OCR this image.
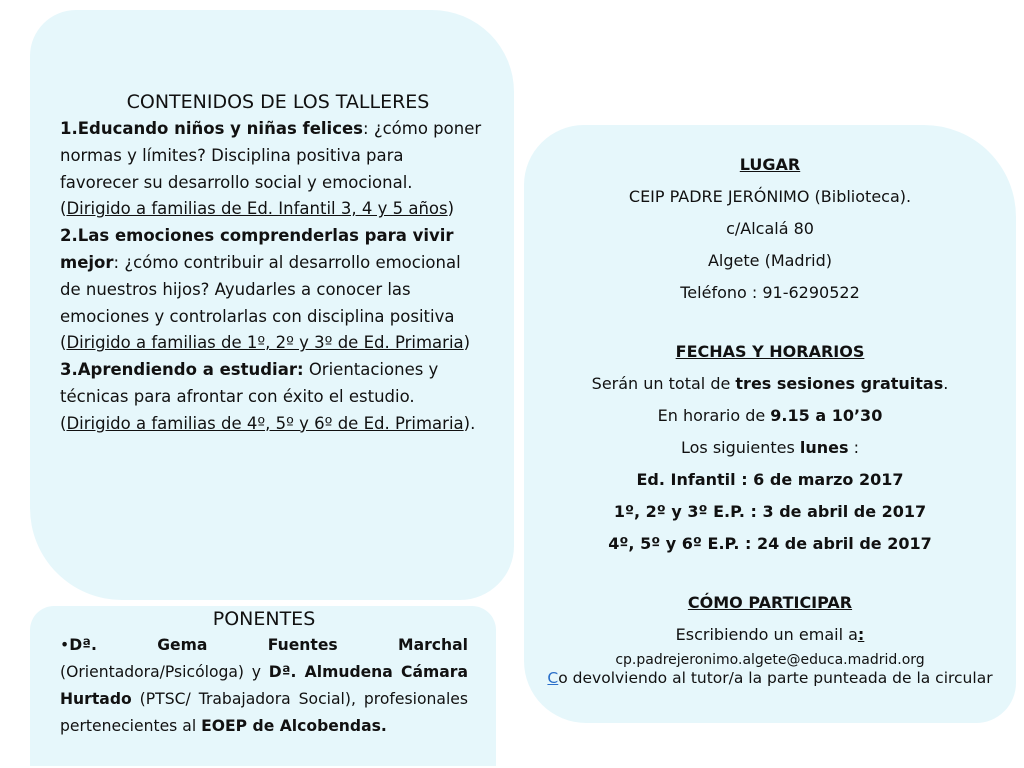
CONTENIDOS DE LOS TALLERES

1.Educando niños y niñas felices: ¿cómo poner normas y límites? Disciplina positiva para favorecer su desarrollo social y emocional. (Dirigido a familias de Ed. Infantil 3, 4 y 5 años)

2.Las emociones comprenderlas para vivir mejor: ¿cómo contribuir al desarrollo emocional de nuestros hijos? Ayudarles a conocer las emociones y controlarlas con disciplina positiva (Dirigido a familias de 1º, 2º y 3º de Ed. Primaria)

3.Aprendiendo a estudiar: Orientaciones y técnicas para afrontar con éxito el estudio. (Dirigido a familias de 4º, 5º y 6º de Ed. Primaria).

PONENTES

•Dª. Gema Fuentes Marchal (Orientadora/Psicóloga) y Dª. Almudena Cámara Hurtado (PTSC/ Trabajadora Social), profesionales pertenecientes al EOEP de Alcobendas.

LUGAR

CEIP PADRE JERÓNIMO (Biblioteca).

c/Alcalá 80

Algete (Madrid)

Teléfono : 91-6290522

FECHAS Y HORARIOS

Serán un total de tres sesiones gratuitas.

En horario de 9.15 a 10’30

Los siguientes lunes :

Ed. Infantil : 6 de marzo 2017

1º, 2º y 3º E.P. : 3 de abril de 2017

4º, 5º y 6º E.P. : 24 de abril de 2017

CÓMO PARTICIPAR

Escribiendo un email a:

cp.padrejeronimo.algete@educa.madrid.org

Co devolviendo al tutor/a la parte punteada de la circular
